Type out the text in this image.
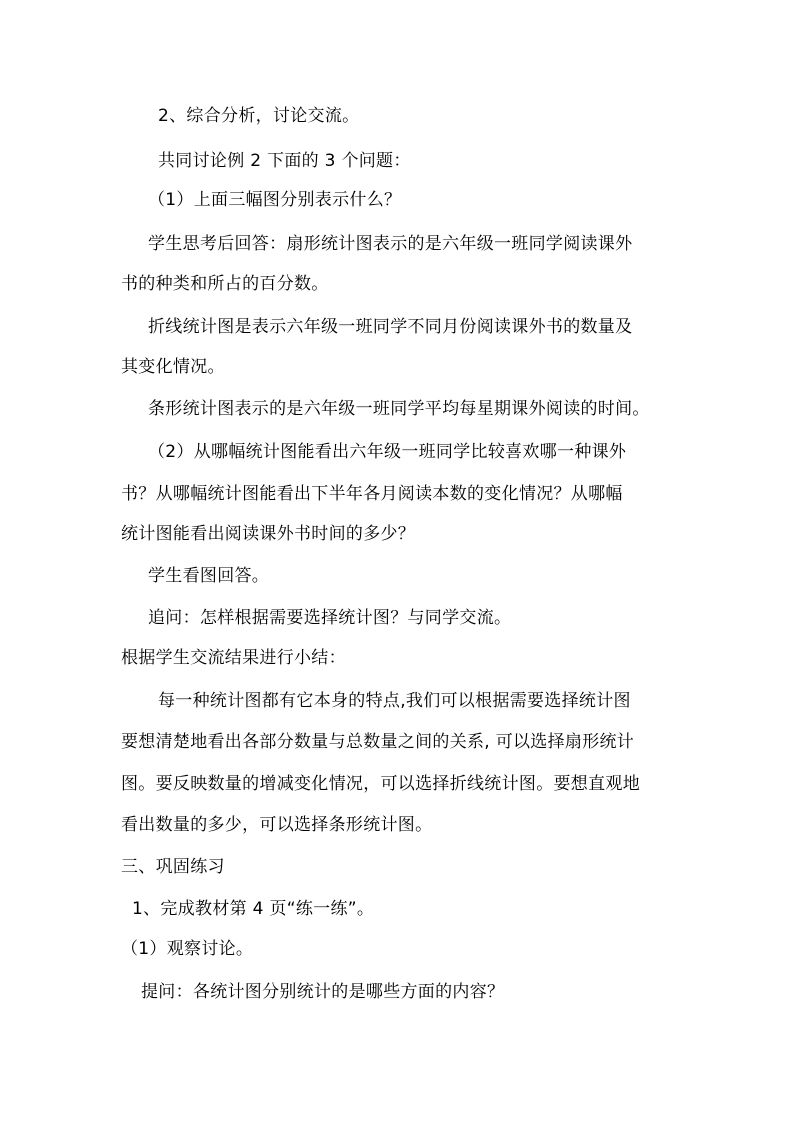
2、综合分析，讨论交流。
共同讨论例 2 下面的 3 个问题：
（1）上面三幅图分别表示什么？
学生思考后回答：扇形统计图表示的是六年级一班同学阅读课外
书的种类和所占的百分数。
折线统计图是表示六年级一班同学不同月份阅读课外书的数量及
其变化情况。
条形统计图表示的是六年级一班同学平均每星期课外阅读的时间。
（2）从哪幅统计图能看出六年级一班同学比较喜欢哪一种课外
书？从哪幅统计图能看出下半年各月阅读本数的变化情况？从哪幅
统计图能看出阅读课外书时间的多少？
学生看图回答。
追问：怎样根据需要选择统计图？与同学交流。
根据学生交流结果进行小结：
每一种统计图都有它本身的特点,我们可以根据需要选择统计图
要想清楚地看出各部分数量与总数量之间的关系, 可以选择扇形统计
图。要反映数量的增减变化情况，可以选择折线统计图。要想直观地
看出数量的多少，可以选择条形统计图。
三、巩固练习
1、完成教材第 4 页“练一练”。
（1）观察讨论。
提问：各统计图分别统计的是哪些方面的内容？
